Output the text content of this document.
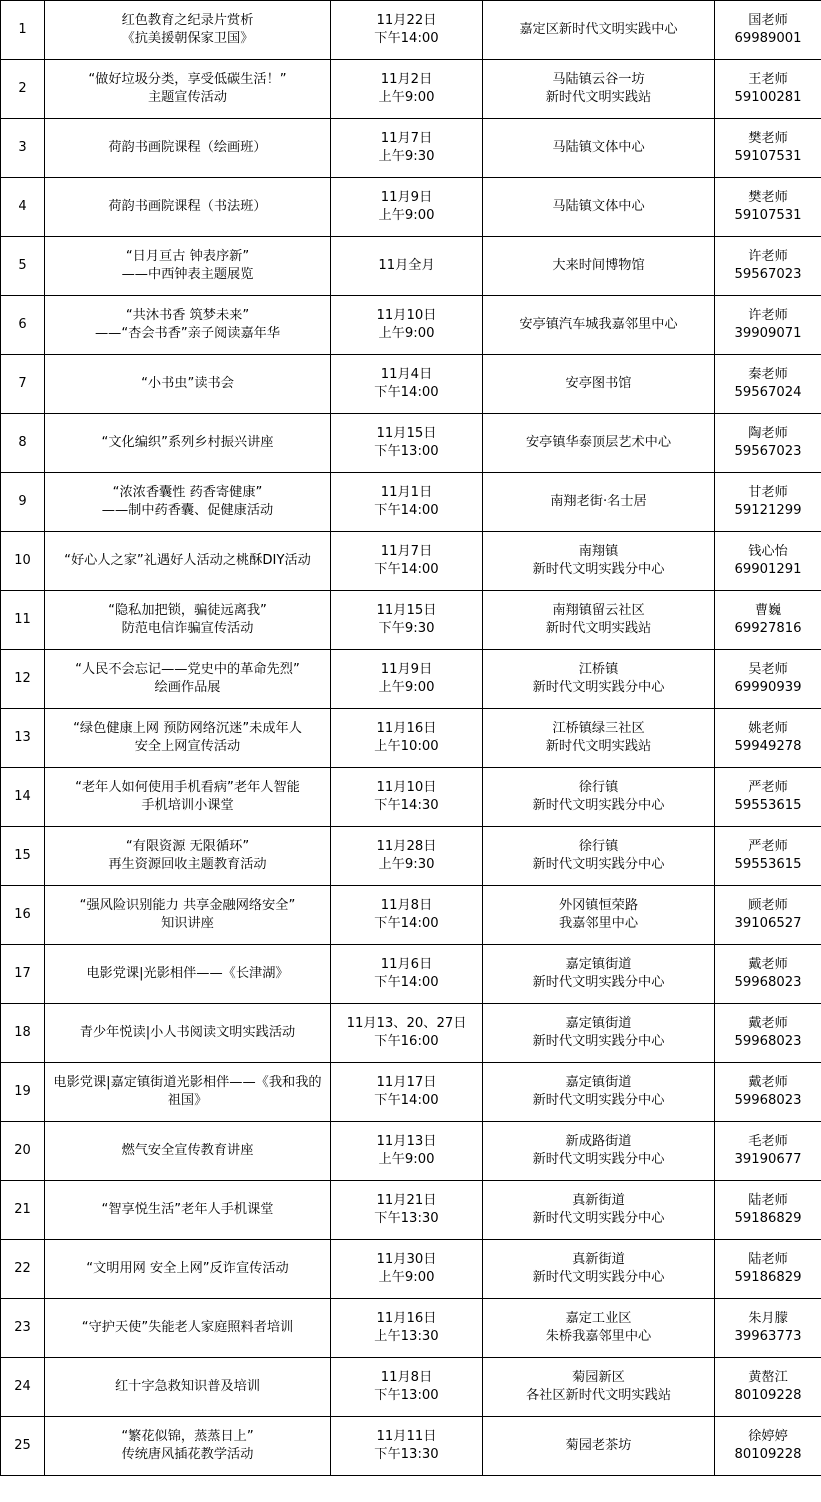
1	红色教育之纪录片赏析
《抗美援朝保家卫国》	11月22日
下午14:00	嘉定区新时代文明实践中心	国老师
69989001

2	“做好垃圾分类，享受低碳生活！”
主题宣传活动	11月2日
上午9:00	马陆镇云谷一坊
新时代文明实践站	王老师
59100281

3	荷韵书画院课程（绘画班）	11月7日
上午9:30	马陆镇文体中心	樊老师
59107531

4	荷韵书画院课程（书法班）	11月9日
上午9:00	马陆镇文体中心	樊老师
59107531

5	“日月亘古 钟表序新”
——中西钟表主题展览	11月全月	大来时间博物馆	许老师
59567023

6	“共沐书香 筑梦未来”
——“杏会书香”亲子阅读嘉年华	11月10日
上午9:00	安亭镇汽车城我嘉邻里中心	许老师
39909071

7	“小书虫”读书会	11月4日
下午14:00	安亭图书馆	秦老师
59567024

8	“文化编织”系列乡村振兴讲座	11月15日
下午13:00	安亭镇华泰顶层艺术中心	陶老师
59567023

9	“浓浓香囊性 药香寄健康”
——制中药香囊、促健康活动	11月1日
下午14:00	南翔老街·名士居	甘老师
59121299

10	“好心人之家”礼遇好人活动之桃酥DIY活动	11月7日
下午14:00	南翔镇
新时代文明实践分中心	钱心怡
69901291

11	“隐私加把锁，骗徒远离我”
防范电信诈骗宣传活动	11月15日
下午9:30	南翔镇留云社区
新时代文明实践站	曹巍
69927816

12	“人民不会忘记——党史中的革命先烈”
绘画作品展	11月9日
上午9:00	江桥镇
新时代文明实践分中心	吴老师
69990939

13	“绿色健康上网 预防网络沉迷”未成年人
安全上网宣传活动	11月16日
上午10:00	江桥镇绿三社区
新时代文明实践站	姚老师
59949278

14	“老年人如何使用手机看病”老年人智能
手机培训小课堂	11月10日
下午14:30	徐行镇
新时代文明实践分中心	严老师
59553615

15	“有限资源 无限循环”
再生资源回收主题教育活动	11月28日
上午9:30	徐行镇
新时代文明实践分中心	严老师
59553615

16	“强风险识别能力 共享金融网络安全”
知识讲座	11月8日
下午14:00	外冈镇恒荣路
我嘉邻里中心	顾老师
39106527

17	电影党课|光影相伴——《长津湖》	11月6日
下午14:00	嘉定镇街道
新时代文明实践分中心	戴老师
59968023

18	青少年悦读|小人书阅读文明实践活动	11月13、20、27日
下午16:00	嘉定镇街道
新时代文明实践分中心	戴老师
59968023

19	电影党课|嘉定镇街道光影相伴——《我和我的祖国》	11月17日
下午14:00	嘉定镇街道
新时代文明实践分中心	戴老师
59968023

20	燃气安全宣传教育讲座	11月13日
上午9:00	新成路街道
新时代文明实践分中心	毛老师
39190677

21	“智享悦生活”老年人手机课堂	11月21日
下午13:30	真新街道
新时代文明实践分中心	陆老师
59186829

22	“文明用网 安全上网”反诈宣传活动	11月30日
上午9:00	真新街道
新时代文明实践分中心	陆老师
59186829

23	“守护天使”失能老人家庭照料者培训	11月16日
上午13:30	嘉定工业区
朱桥我嘉邻里中心	朱月朦
39963773

24	红十字急救知识普及培训	11月8日
下午13:00	菊园新区
各社区新时代文明实践站	黄嶅江
80109228

25	“繁花似锦，蒸蒸日上”
传统唐风插花教学活动	11月11日
下午13:30	菊园老茶坊	徐婷婷
80109228
